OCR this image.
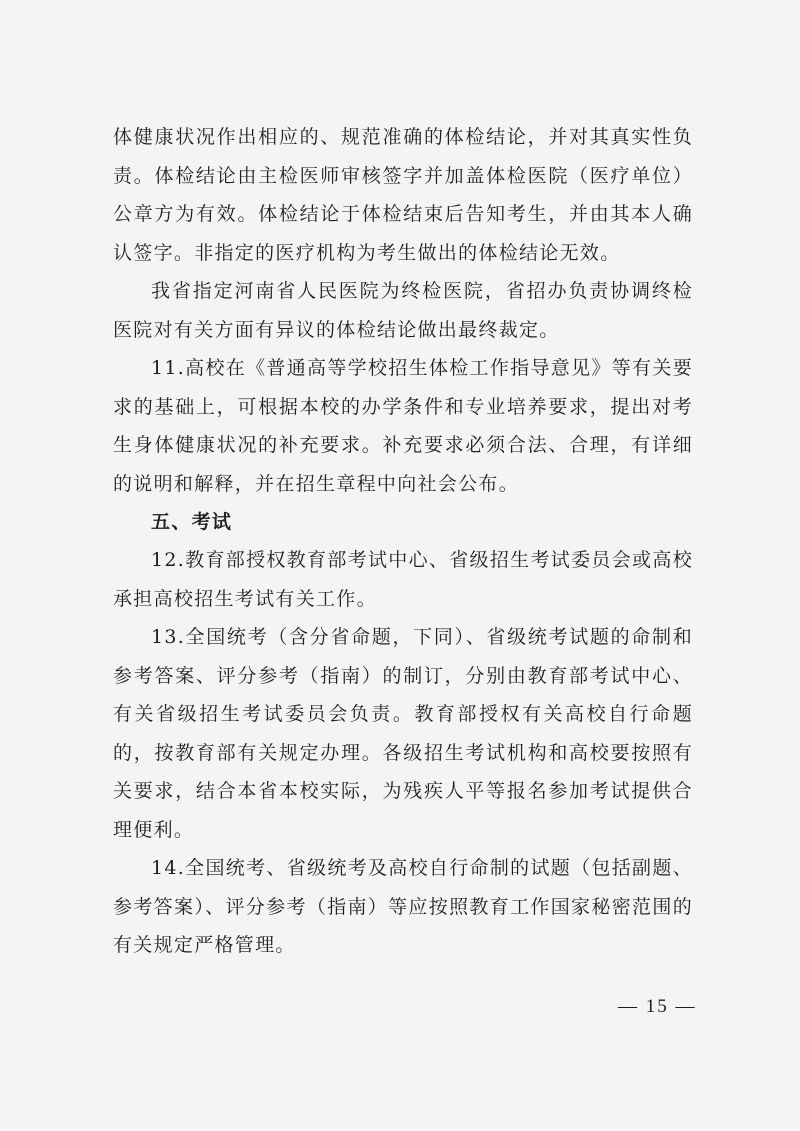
体健康状况作出相应的、规范准确的体检结论，并对其真实性负责。体检结论由主检医师审核签字并加盖体检医院（医疗单位）公章方为有效。体检结论于体检结束后告知考生，并由其本人确认签字。非指定的医疗机构为考生做出的体检结论无效。

我省指定河南省人民医院为终检医院，省招办负责协调终检医院对有关方面有异议的体检结论做出最终裁定。

11.高校在《普通高等学校招生体检工作指导意见》等有关要求的基础上，可根据本校的办学条件和专业培养要求，提出对考生身体健康状况的补充要求。补充要求必须合法、合理，有详细的说明和解释，并在招生章程中向社会公布。

五、考试

12.教育部授权教育部考试中心、省级招生考试委员会或高校承担高校招生考试有关工作。

13.全国统考（含分省命题，下同）、省级统考试题的命制和参考答案、评分参考（指南）的制订，分别由教育部考试中心、有关省级招生考试委员会负责。教育部授权有关高校自行命题的，按教育部有关规定办理。各级招生考试机构和高校要按照有关要求，结合本省本校实际，为残疾人平等报名参加考试提供合理便利。

14.全国统考、省级统考及高校自行命制的试题（包括副题、参考答案）、评分参考（指南）等应按照教育工作国家秘密范围的有关规定严格管理。

— 15 —
